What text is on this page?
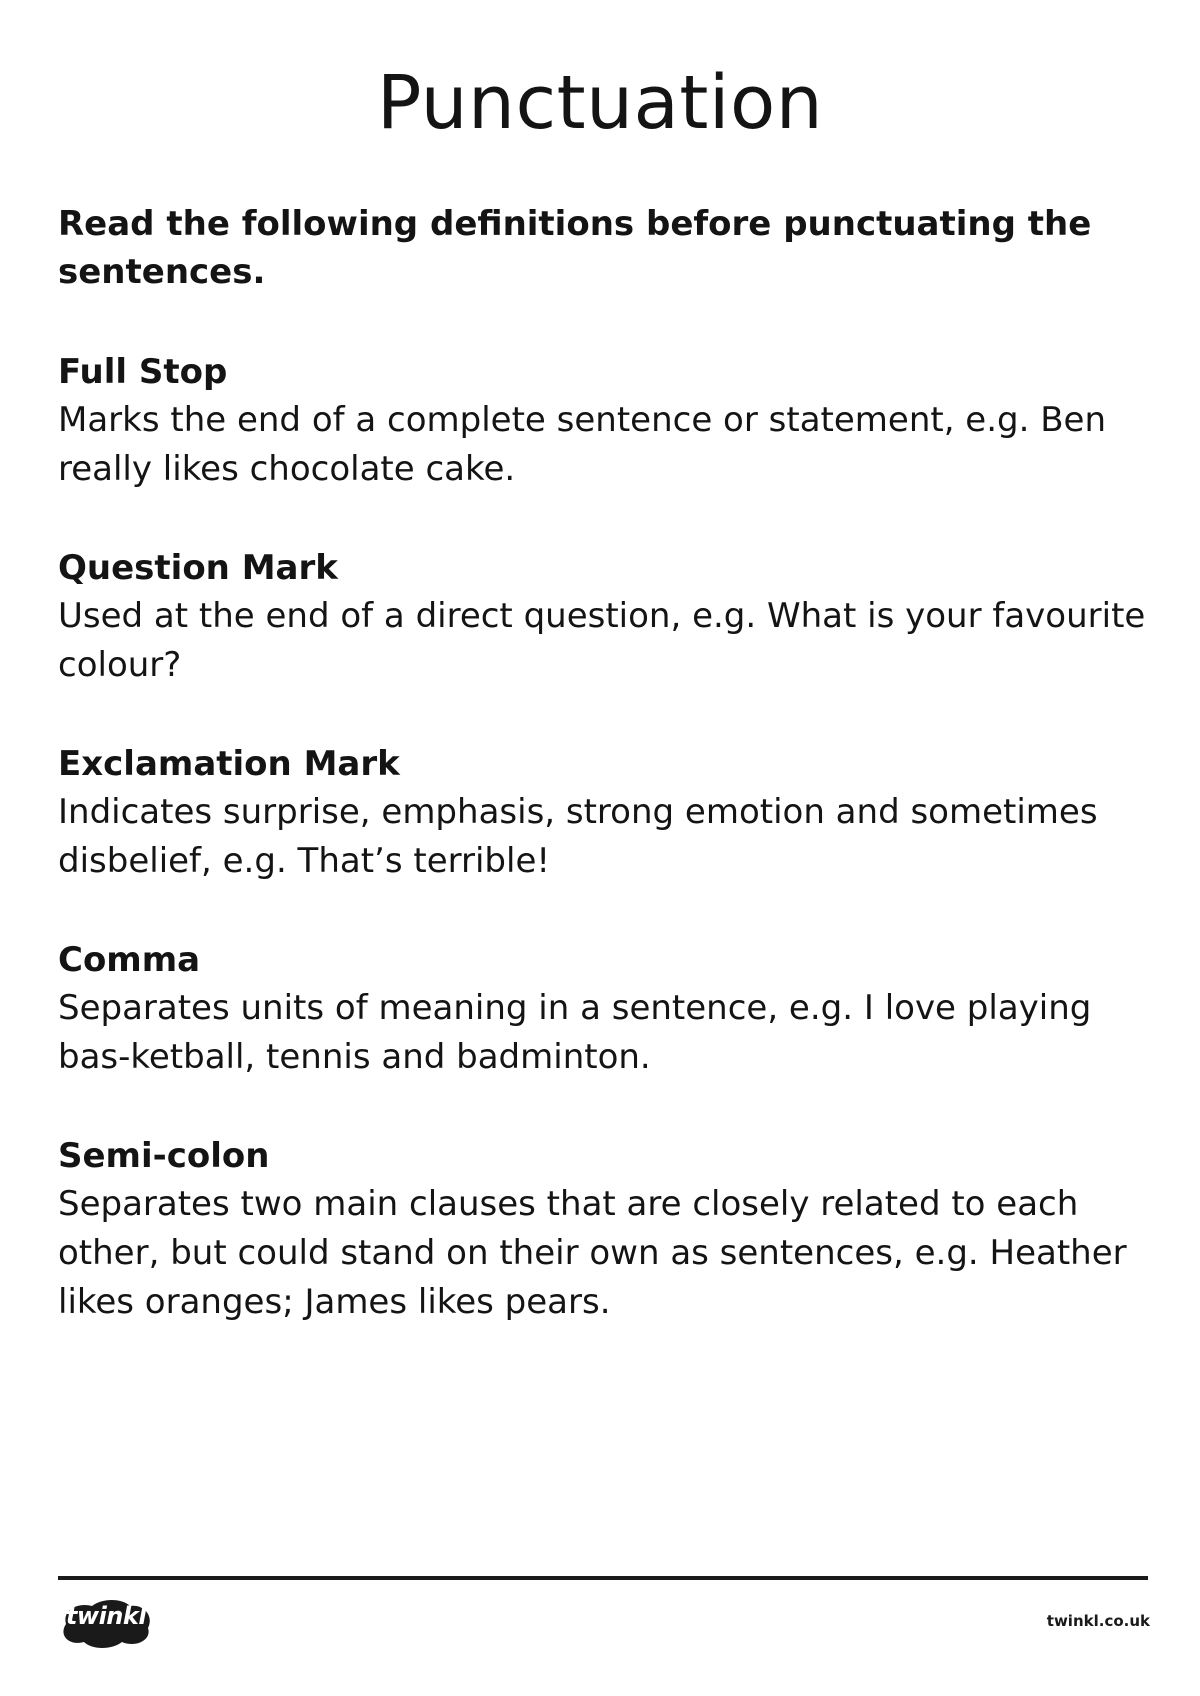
Punctuation

Read the following definitions before punctuating the sentences.

Full Stop

Marks the end of a complete sentence or statement, e.g. Ben really likes chocolate cake.

Question Mark

Used at the end of a direct question, e.g. What is your favourite colour?

Exclamation Mark

Indicates surprise, emphasis, strong emotion and sometimes disbelief, e.g. That’s terrible!

Comma

Separates units of meaning in a sentence, e.g. I love playing bas-ketball, tennis and badminton.

Semi-colon

Separates two main clauses that are closely related to each other, but could stand on their own as sentences, e.g. Heather likes oranges; James likes pears.

twinkl	twinkl.co.uk
